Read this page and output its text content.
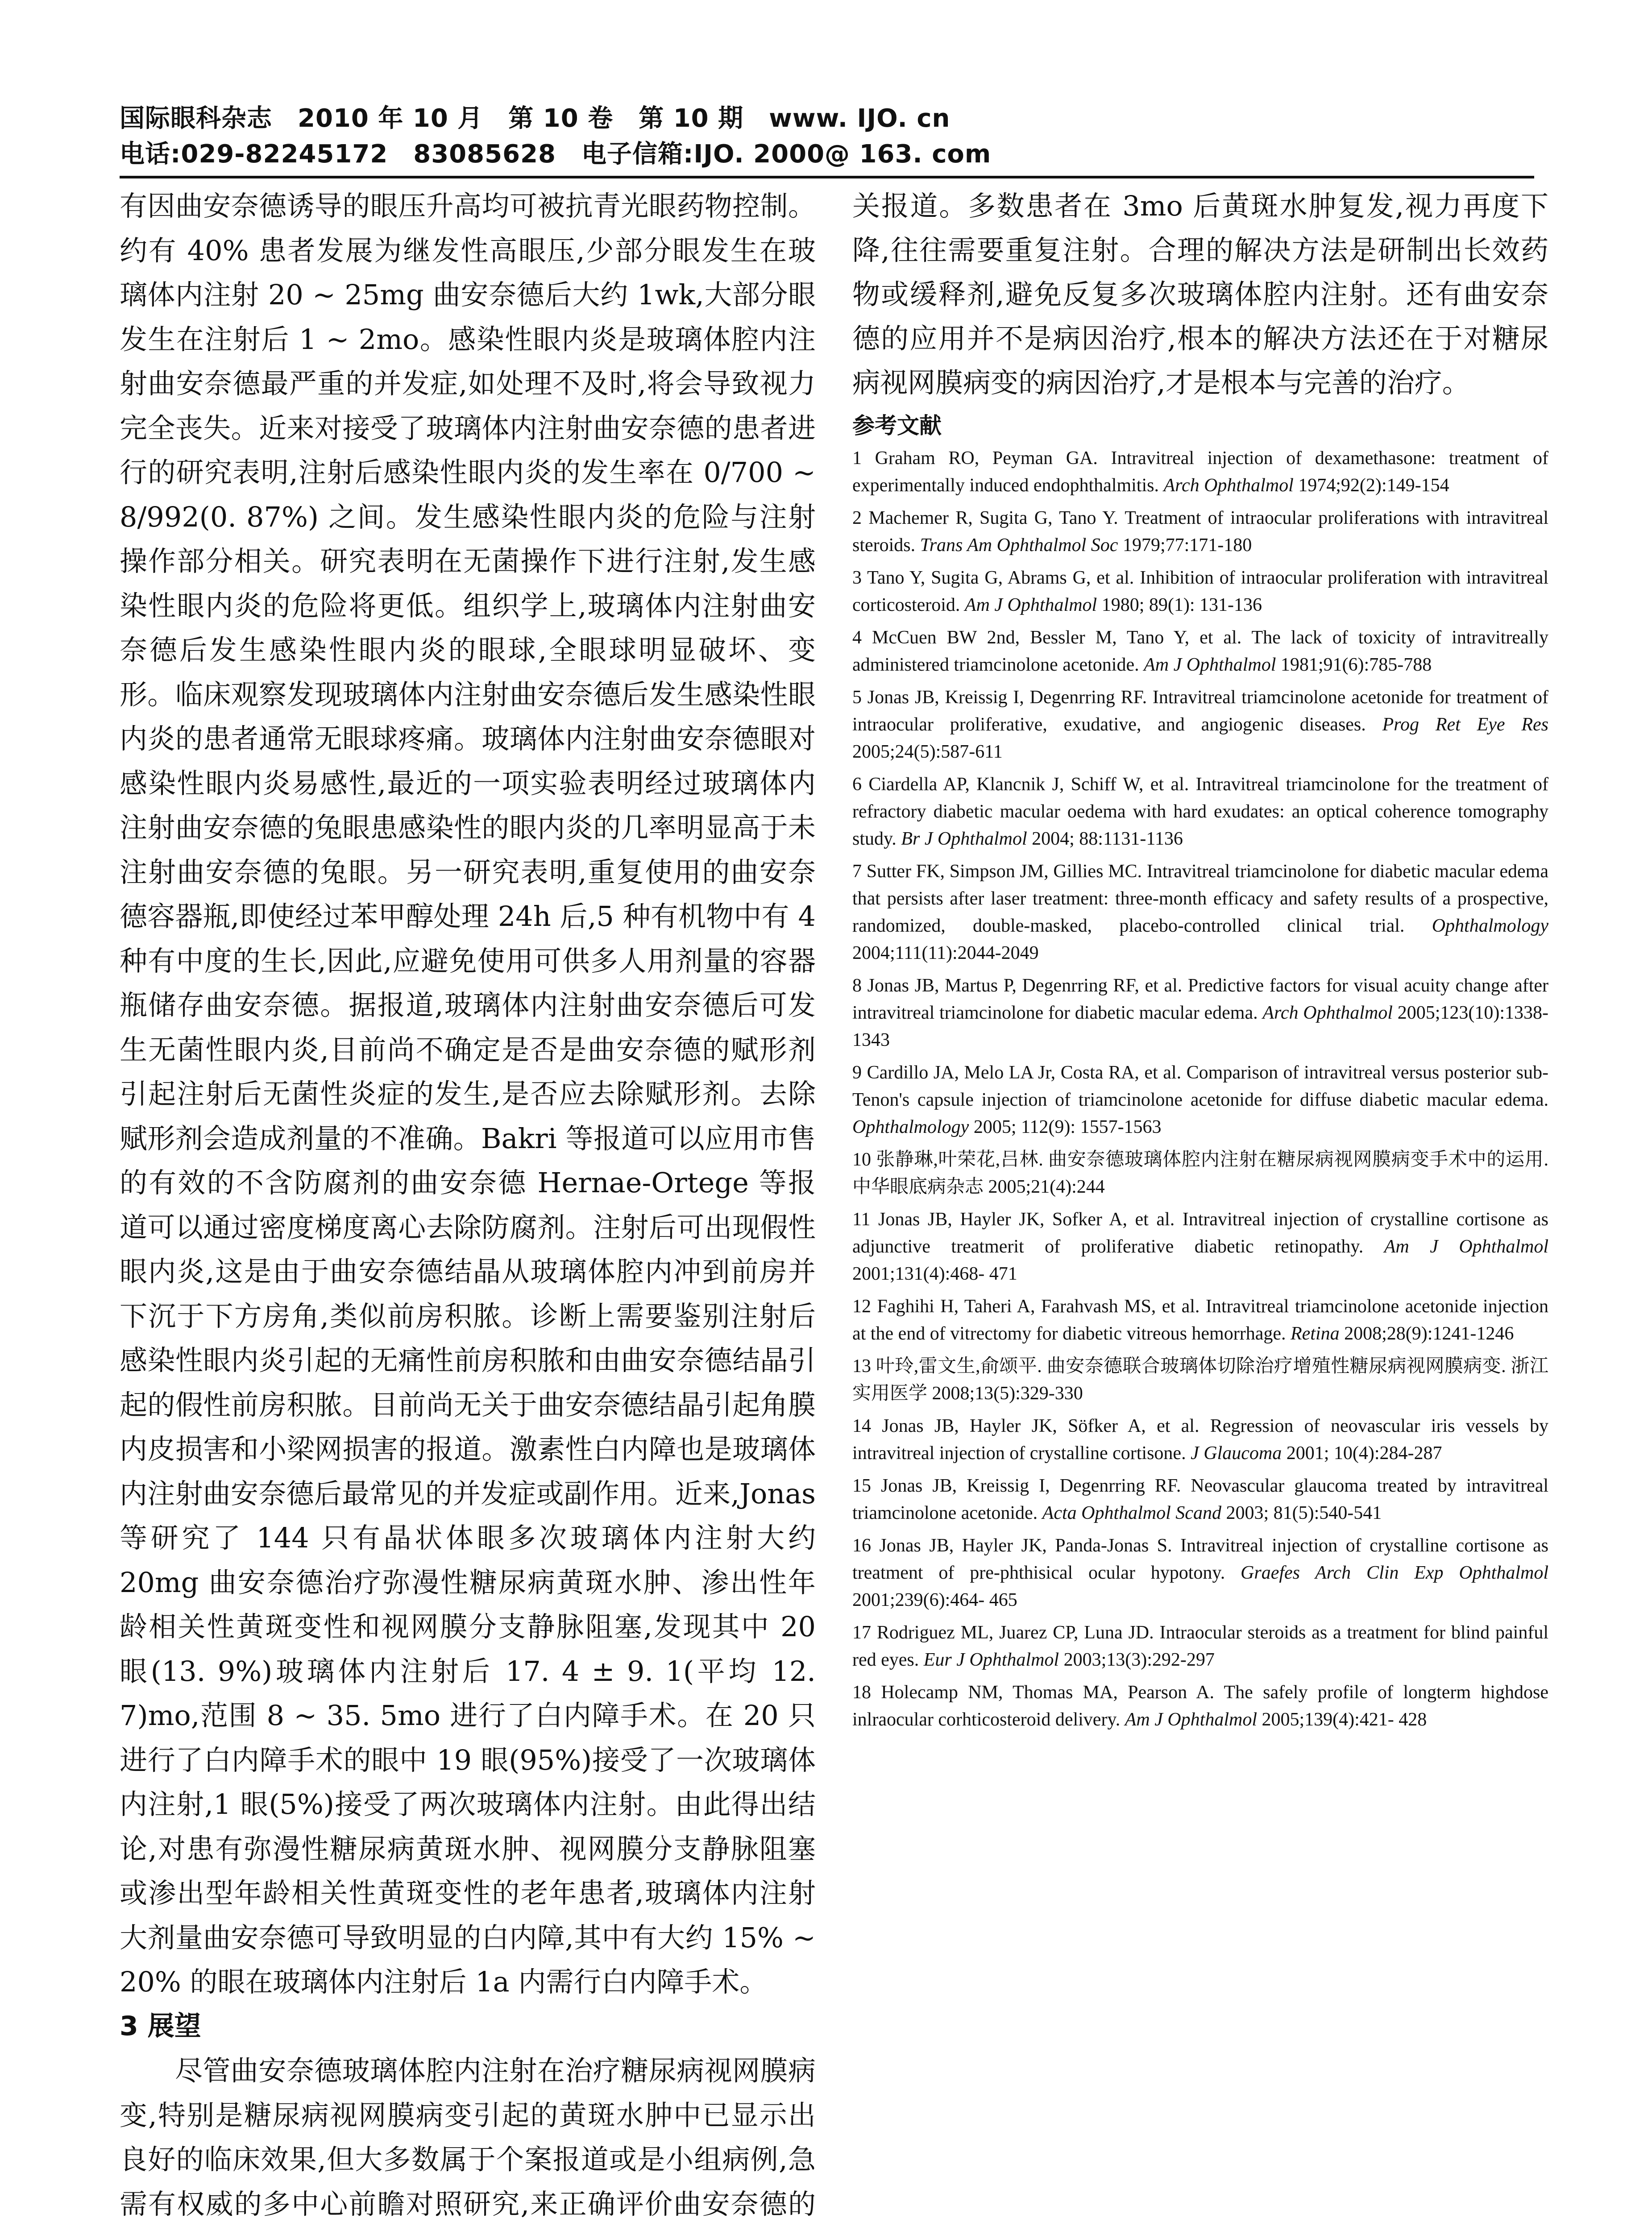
国际眼科杂志　2010 年 10 月　第 10 卷　第 10 期　www. IJO. cn
电话:029-82245172　83085628　电子信箱:IJO. 2000@ 163. com

有因曲安奈德诱导的眼压升高均可被抗青光眼药物控制。约有 40% 患者发展为继发性高眼压,少部分眼发生在玻璃体内注射 20 ~ 25mg 曲安奈德后大约 1wk,大部分眼发生在注射后 1 ~ 2mo。感染性眼内炎是玻璃体腔内注射曲安奈德最严重的并发症,如处理不及时,将会导致视力完全丧失。近来对接受了玻璃体内注射曲安奈德的患者进行的研究表明,注射后感染性眼内炎的发生率在 0/700 ~ 8/992(0. 87%) 之间。发生感染性眼内炎的危险与注射操作部分相关。研究表明在无菌操作下进行注射,发生感染性眼内炎的危险将更低。组织学上,玻璃体内注射曲安奈德后发生感染性眼内炎的眼球,全眼球明显破坏、变形。临床观察发现玻璃体内注射曲安奈德后发生感染性眼内炎的患者通常无眼球疼痛。玻璃体内注射曲安奈德眼对感染性眼内炎易感性,最近的一项实验表明经过玻璃体内注射曲安奈德的兔眼患感染性的眼内炎的几率明显高于未注射曲安奈德的兔眼。另一研究表明,重复使用的曲安奈德容器瓶,即使经过苯甲醇处理 24h 后,5 种有机物中有 4 种有中度的生长,因此,应避免使用可供多人用剂量的容器瓶储存曲安奈德。据报道,玻璃体内注射曲安奈德后可发生无菌性眼内炎,目前尚不确定是否是曲安奈德的赋形剂引起注射后无菌性炎症的发生,是否应去除赋形剂。去除赋形剂会造成剂量的不准确。Bakri 等报道可以应用市售的有效的不含防腐剂的曲安奈德 Hernae-Ortege 等报道可以通过密度梯度离心去除防腐剂。注射后可出现假性眼内炎,这是由于曲安奈德结晶从玻璃体腔内冲到前房并下沉于下方房角,类似前房积脓。诊断上需要鉴别注射后感染性眼内炎引起的无痛性前房积脓和由曲安奈德结晶引起的假性前房积脓。目前尚无关于曲安奈德结晶引起角膜内皮损害和小梁网损害的报道。激素性白内障也是玻璃体内注射曲安奈德后最常见的并发症或副作用。近来,Jonas 等研究了 144 只有晶状体眼多次玻璃体内注射大约 20mg 曲安奈德治疗弥漫性糖尿病黄斑水肿、渗出性年龄相关性黄斑变性和视网膜分支静脉阻塞,发现其中 20 眼(13. 9%)玻璃体内注射后 17. 4 ± 9. 1(平均 12. 7)mo,范围 8 ~ 35. 5mo 进行了白内障手术。在 20 只进行了白内障手术的眼中 19 眼(95%)接受了一次玻璃体内注射,1 眼(5%)接受了两次玻璃体内注射。由此得出结论,对患有弥漫性糖尿病黄斑水肿、视网膜分支静脉阻塞或渗出型年龄相关性黄斑变性的老年患者,玻璃体内注射大剂量曲安奈德可导致明显的白内障,其中有大约 15% ~ 20% 的眼在玻璃体内注射后 1a 内需行白内障手术。

3 展望

尽管曲安奈德玻璃体腔内注射在治疗糖尿病视网膜病变,特别是糖尿病视网膜病变引起的黄斑水肿中已显示出良好的临床效果,但大多数属于个案报道或是小组病例,急需有权威的多中心前瞻对照研究,来正确评价曲安奈德的

关报道。多数患者在 3mo 后黄斑水肿复发,视力再度下降,往往需要重复注射。合理的解决方法是研制出长效药物或缓释剂,避免反复多次玻璃体腔内注射。还有曲安奈德的应用并不是病因治疗,根本的解决方法还在于对糖尿病视网膜病变的病因治疗,才是根本与完善的治疗。

参考文献
1 Graham RO, Peyman GA. Intravitreal injection of dexamethasone: treatment of experimentally induced endophthalmitis. Arch Ophthalmol 1974;92(2):149-154
2 Machemer R, Sugita G, Tano Y. Treatment of intraocular proliferations with intravitreal steroids. Trans Am Ophthalmol Soc 1979;77:171-180
3 Tano Y, Sugita G, Abrams G, et al. Inhibition of intraocular proliferation with intravitreal corticosteroid. Am J Ophthalmol 1980; 89(1): 131-136
4 McCuen BW 2nd, Bessler M, Tano Y, et al. The lack of toxicity of intravitreally administered triamcinolone acetonide. Am J Ophthalmol 1981;91(6):785-788
5 Jonas JB, Kreissig I, Degenrring RF. Intravitreal triamcinolone acetonide for treatment of intraocular proliferative, exudative, and angiogenic diseases. Prog Ret Eye Res 2005;24(5):587-611
6 Ciardella AP, Klancnik J, Schiff W, et al. Intravitreal triamcinolone for the treatment of refractory diabetic macular oedema with hard exudates: an optical coherence tomography study. Br J Ophthalmol 2004; 88:1131-1136
7 Sutter FK, Simpson JM, Gillies MC. Intravitreal triamcinolone for diabetic macular edema that persists after laser treatment: three-month efficacy and safety results of a prospective, randomized, double-masked, placebo-controlled clinical trial. Ophthalmology 2004;111(11):2044-2049
8 Jonas JB, Martus P, Degenrring RF, et al. Predictive factors for visual acuity change after intravitreal triamcinolone for diabetic macular edema. Arch Ophthalmol 2005;123(10):1338-1343
9 Cardillo JA, Melo LA Jr, Costa RA, et al. Comparison of intravitreal versus posterior sub-Tenon's capsule injection of triamcinolone acetonide for diffuse diabetic macular edema. Ophthalmology 2005; 112(9): 1557-1563
10 张静琳,叶荣花,吕林. 曲安奈德玻璃体腔内注射在糖尿病视网膜病变手术中的运用. 中华眼底病杂志 2005;21(4):244
11 Jonas JB, Hayler JK, Sofker A, et al. Intravitreal injection of crystalline cortisone as adjunctive treatmerit of proliferative diabetic retinopathy. Am J Ophthalmol 2001;131(4):468- 471
12 Faghihi H, Taheri A, Farahvash MS, et al. Intravitreal triamcinolone acetonide injection at the end of vitrectomy for diabetic vitreous hemorrhage. Retina 2008;28(9):1241-1246
13 叶玲,雷文生,俞颂平. 曲安奈德联合玻璃体切除治疗增殖性糖尿病视网膜病变. 浙江实用医学 2008;13(5):329-330
14 Jonas JB, Hayler JK, Söfker A, et al. Regression of neovascular iris vessels by intravitreal injection of crystalline cortisone. J Glaucoma 2001; 10(4):284-287
15 Jonas JB, Kreissig I, Degenrring RF. Neovascular glaucoma treated by intravitreal triamcinolone acetonide. Acta Ophthalmol Scand 2003; 81(5):540-541
16 Jonas JB, Hayler JK, Panda-Jonas S. Intravitreal injection of crystalline cortisone as treatment of pre-phthisical ocular hypotony. Graefes Arch Clin Exp Ophthalmol 2001;239(6):464- 465
17 Rodriguez ML, Juarez CP, Luna JD. Intraocular steroids as a treatment for blind painful red eyes. Eur J Ophthalmol 2003;13(3):292-297
18 Holecamp NM, Thomas MA, Pearson A. The safely profile of longterm highdose inlraocular corhticosteroid delivery. Am J Ophthalmol 2005;139(4):421- 428
